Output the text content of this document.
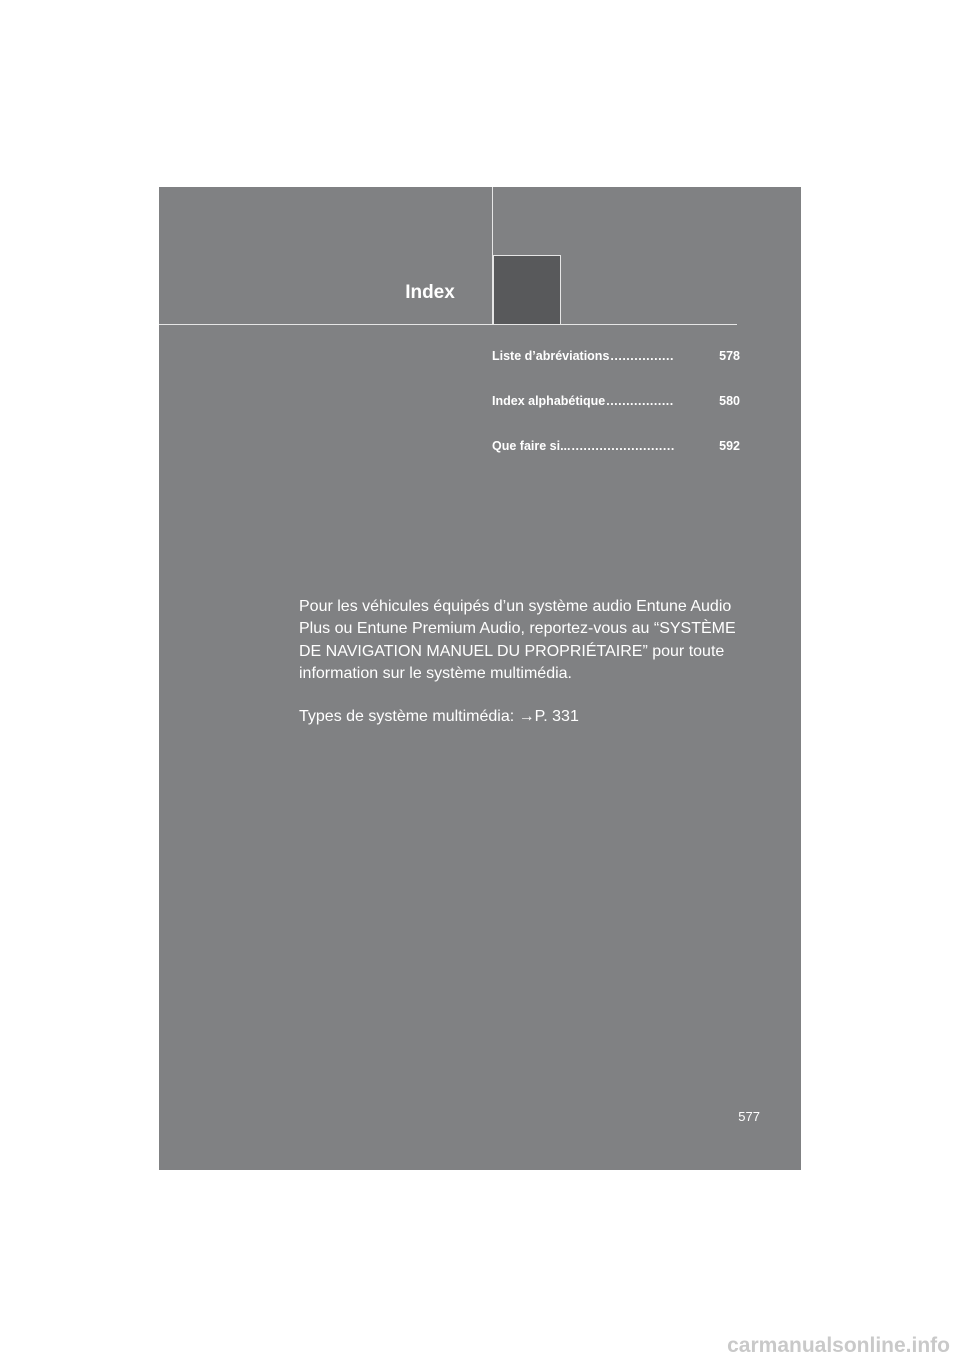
Index
Liste d’abréviations ................	578
Index alphabétique .................	580
Que faire si... ..........................	592

Pour les véhicules équipés d’un système audio Entune Audio Plus ou Entune Premium Audio, reportez-vous au “SYSTÈME DE NAVIGATION MANUEL DU PROPRIÉTAIRE” pour toute information sur le système multimédia.

Types de système multimédia: →P. 331
577
carmanualsonline.info
